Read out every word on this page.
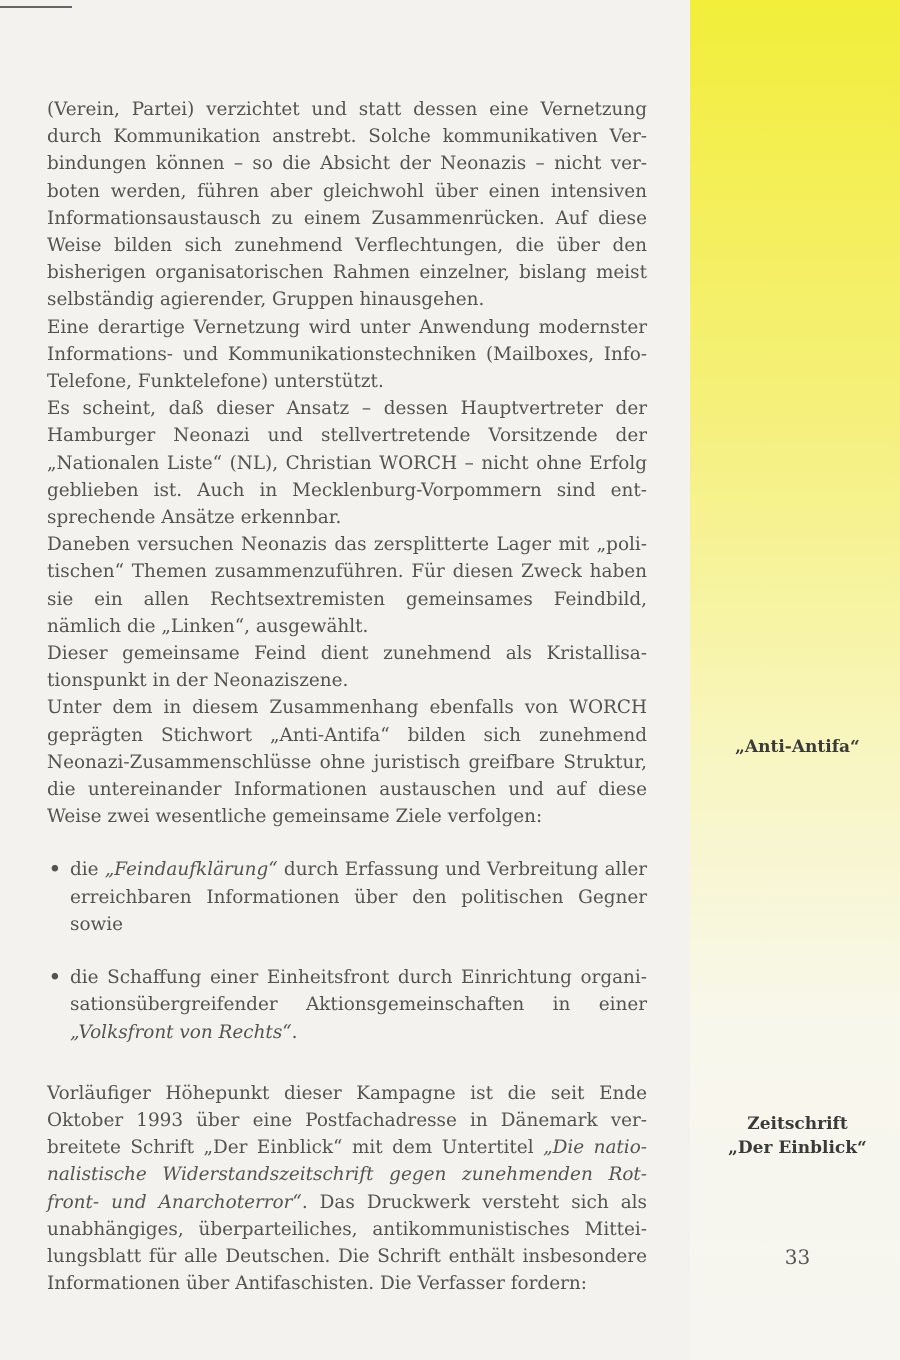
(Verein, Partei) verzichtet und statt dessen eine Vernetzung durch Kommunikation anstrebt. Solche kommunikativen Verbindungen können – so die Absicht der Neonazis – nicht verboten werden, führen aber gleichwohl über einen intensiven Informationsaustausch zu einem Zusammenrücken. Auf diese Weise bilden sich zunehmend Verflechtungen, die über den bisherigen organisatorischen Rahmen einzelner, bislang meist selbständig agierender, Gruppen hinausgehen.

Eine derartige Vernetzung wird unter Anwendung modernster Informations- und Kommunikationstechniken (Mailboxes, Info-Telefone, Funktelefone) unterstützt.

Es scheint, daß dieser Ansatz – dessen Hauptvertreter der Hamburger Neonazi und stellvertretende Vorsitzende der „Nationalen Liste“ (NL), Christian WORCH – nicht ohne Erfolg geblieben ist. Auch in Mecklenburg-Vorpommern sind entsprechende Ansätze erkennbar.

Daneben versuchen Neonazis das zersplitterte Lager mit „politischen“ Themen zusammenzuführen. Für diesen Zweck haben sie ein allen Rechtsextremisten gemeinsames Feindbild, nämlich die „Linken“, ausgewählt.

Dieser gemeinsame Feind dient zunehmend als Kristallisationspunkt in der Neonaziszene.

Unter dem in diesem Zusammenhang ebenfalls von WORCH geprägten Stichwort „Anti-Antifa“ bilden sich zunehmend Neonazi-Zusammenschlüsse ohne juristisch greifbare Struktur, die untereinander Informationen austauschen und auf diese Weise zwei wesentliche gemeinsame Ziele verfolgen:

• die „Feindaufklärung“ durch Erfassung und Verbreitung aller erreichbaren Informationen über den politischen Gegner sowie
• die Schaffung einer Einheitsfront durch Einrichtung organisationsübergreifender Aktionsgemeinschaften in einer „Volksfront von Rechts“.

Vorläufiger Höhepunkt dieser Kampagne ist die seit Ende Oktober 1993 über eine Postfachadresse in Dänemark verbreitete Schrift „Der Einblick“ mit dem Untertitel „Die nationalistische Widerstandszeitschrift gegen zunehmenden Rotfront- und Anarchoterror“. Das Druckwerk versteht sich als unabhängiges, überparteiliches, antikommunistisches Mitteilungsblatt für alle Deutschen. Die Schrift enthält insbesondere Informationen über Antifaschisten. Die Verfasser fordern:

„Anti-Antifa“
Zeitschrift
„Der Einblick“
33
